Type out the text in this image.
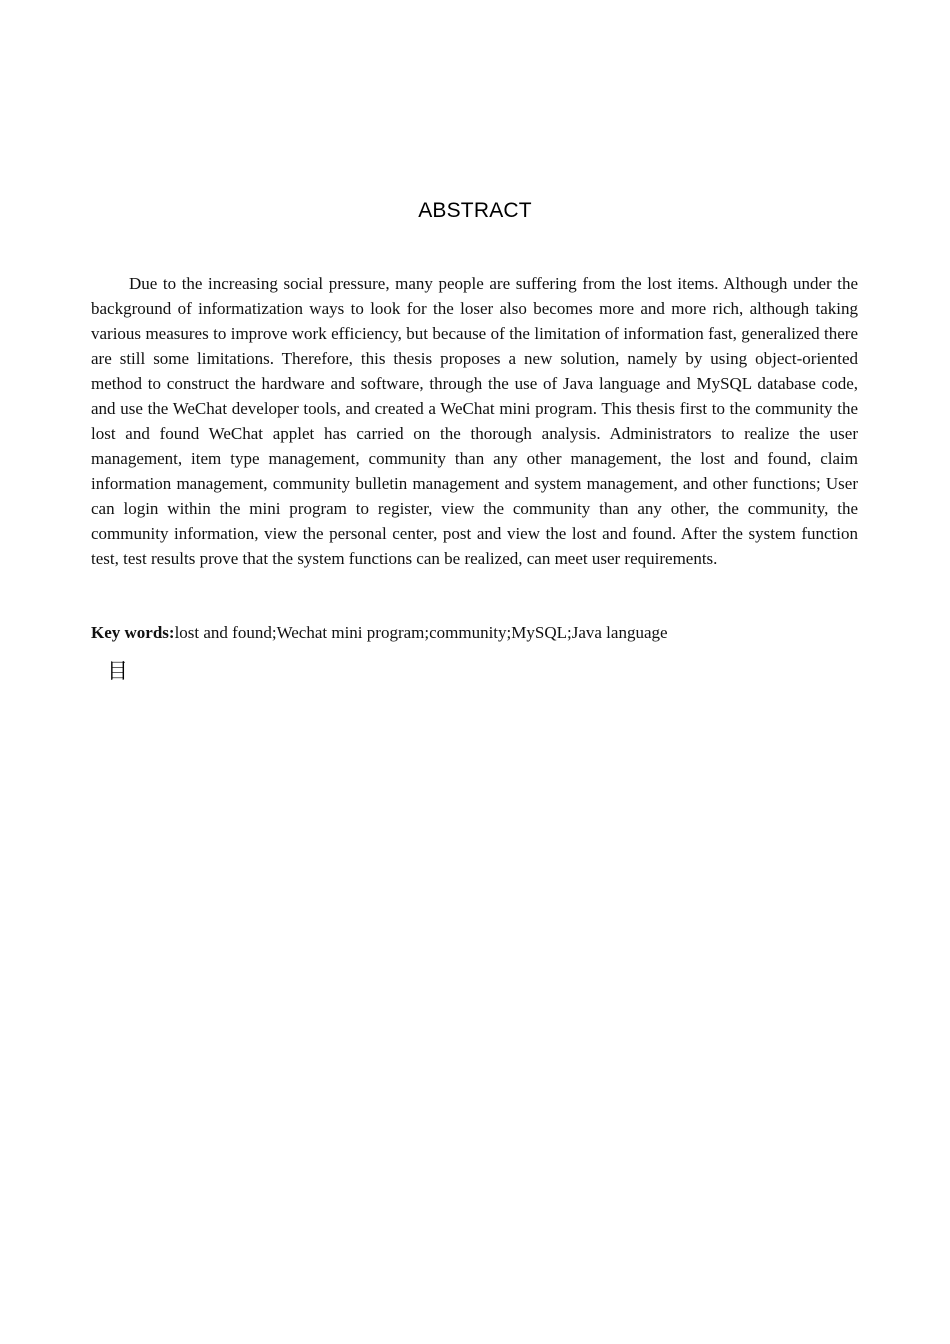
ABSTRACT

Due to the increasing social pressure, many people are suffering from the lost items. Although under the background of informatization ways to look for the loser also becomes more and more rich, although taking various measures to improve work efficiency, but because of the limitation of information fast, generalized there are still some limitations. Therefore, this thesis proposes a new solution, namely by using object-oriented method to construct the hardware and software, through the use of Java language and MySQL database code, and use the WeChat developer tools, and created a WeChat mini program. This thesis first to the community the lost and found WeChat applet has carried on the thorough analysis. Administrators to realize the user management, item type management, community than any other management, the lost and found, claim information management, community bulletin management and system management, and other functions; User can login within the mini program to register, view the community than any other, the community, the community information, view the personal center, post and view the lost and found. After the system function test, test results prove that the system functions can be realized, can meet user requirements.

Key words:lost and found;Wechat mini program;community;MySQL;Java language

目
